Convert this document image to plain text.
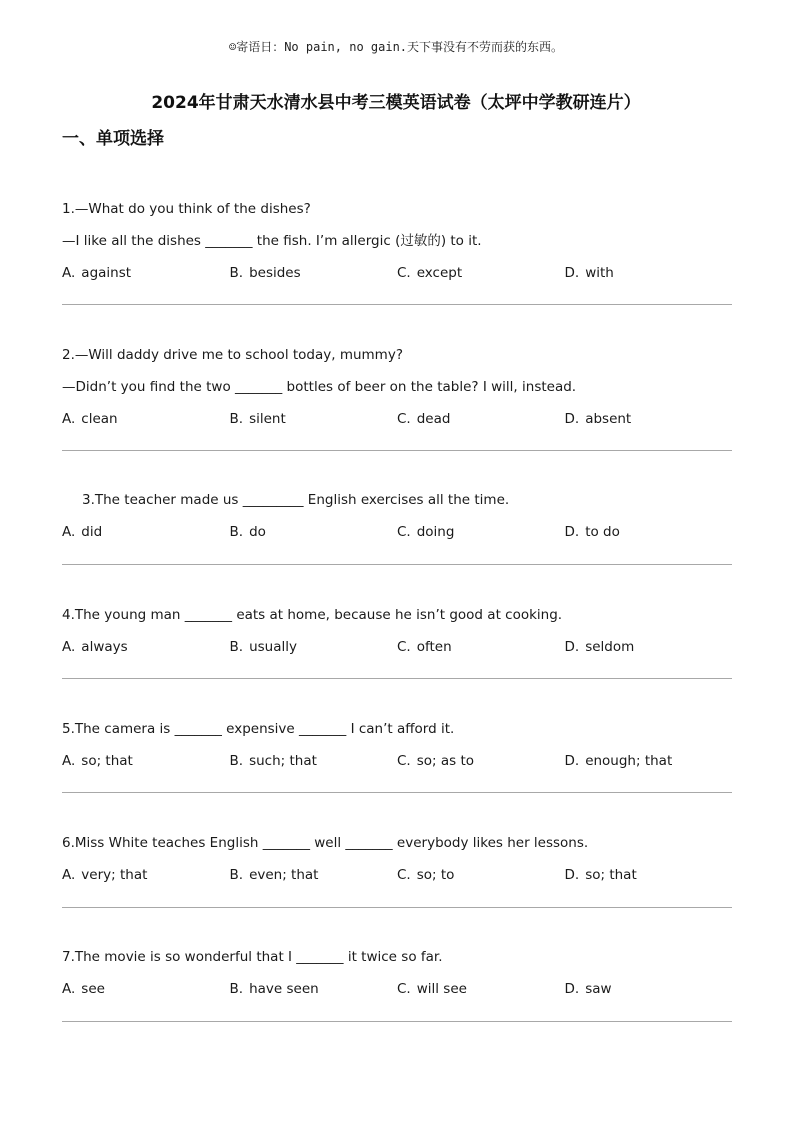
☺寄语日：No pain, no gain.天下事没有不劳而获的东西。
2024年甘肃天水清水县中考三模英语试卷（太坪中学教研连片）
一、单项选择
1.—What do you think of the dishes?
—I like all the dishes _______ the fish. I’m allergic (过敏的) to it.
A. against	B. besides	C. except	D. with
2.—Will daddy drive me to school today, mummy?
—Didn’t you find the two _______ bottles of beer on the table? I will, instead.
A. clean	B. silent	C. dead	D. absent
3.The teacher made us _________ English exercises all the time.
A. did	B. do	C. doing	D. to do
4.The young man _______ eats at home, because he isn’t good at cooking.
A. always	B. usually	C. often	D. seldom
5.The camera is _______ expensive _______ I can’t afford it.
A. so; that	B. such; that	C. so; as to	D. enough; that
6.Miss White teaches English _______ well _______ everybody likes her lessons.
A. very; that	B. even; that	C. so; to	D. so; that
7.The movie is so wonderful that I _______ it twice so far.
A. see	B. have seen	C. will see	D. saw
